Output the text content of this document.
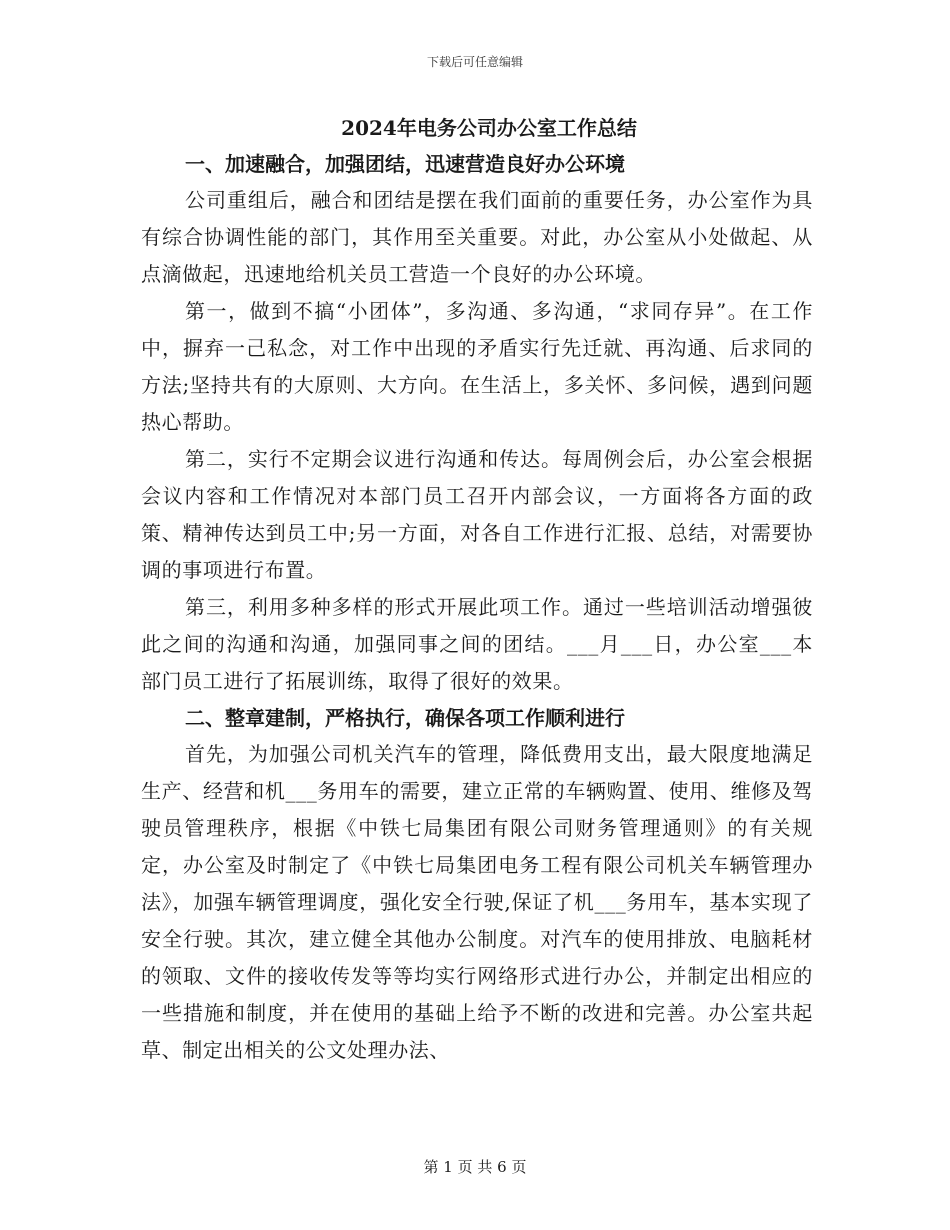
下载后可任意编辑
2024年电务公司办公室工作总结

一、加速融合，加强团结，迅速营造良好办公环境

公司重组后，融合和团结是摆在我们面前的重要任务，办公室作为具有综合协调性能的部门，其作用至关重要。对此，办公室从小处做起、从点滴做起，迅速地给机关员工营造一个良好的办公环境。

第一，做到不搞“小团体”，多沟通、多沟通，“求同存异”。在工作中，摒弃一己私念，对工作中出现的矛盾实行先迁就、再沟通、后求同的方法;坚持共有的大原则、大方向。在生活上，多关怀、多问候，遇到问题热心帮助。

第二，实行不定期会议进行沟通和传达。每周例会后，办公室会根据会议内容和工作情况对本部门员工召开内部会议，一方面将各方面的政策、精神传达到员工中;另一方面，对各自工作进行汇报、总结，对需要协调的事项进行布置。

第三，利用多种多样的形式开展此项工作。通过一些培训活动增强彼此之间的沟通和沟通，加强同事之间的团结。___月___日，办公室___本部门员工进行了拓展训练，取得了很好的效果。

二、整章建制，严格执行，确保各项工作顺利进行

首先，为加强公司机关汽车的管理，降低费用支出，最大限度地满足生产、经营和机___务用车的需要，建立正常的车辆购置、使用、维修及驾驶员管理秩序，根据《中铁七局集团有限公司财务管理通则》的有关规定，办公室及时制定了《中铁七局集团电务工程有限公司机关车辆管理办法》，加强车辆管理调度，强化安全行驶,保证了机___务用车，基本实现了安全行驶。其次，建立健全其他办公制度。对汽车的使用排放、电脑耗材的领取、文件的接收传发等等均实行网络形式进行办公，并制定出相应的一些措施和制度，并在使用的基础上给予不断的改进和完善。办公室共起草、制定出相关的公文处理办法、

第 1 页 共 6 页
